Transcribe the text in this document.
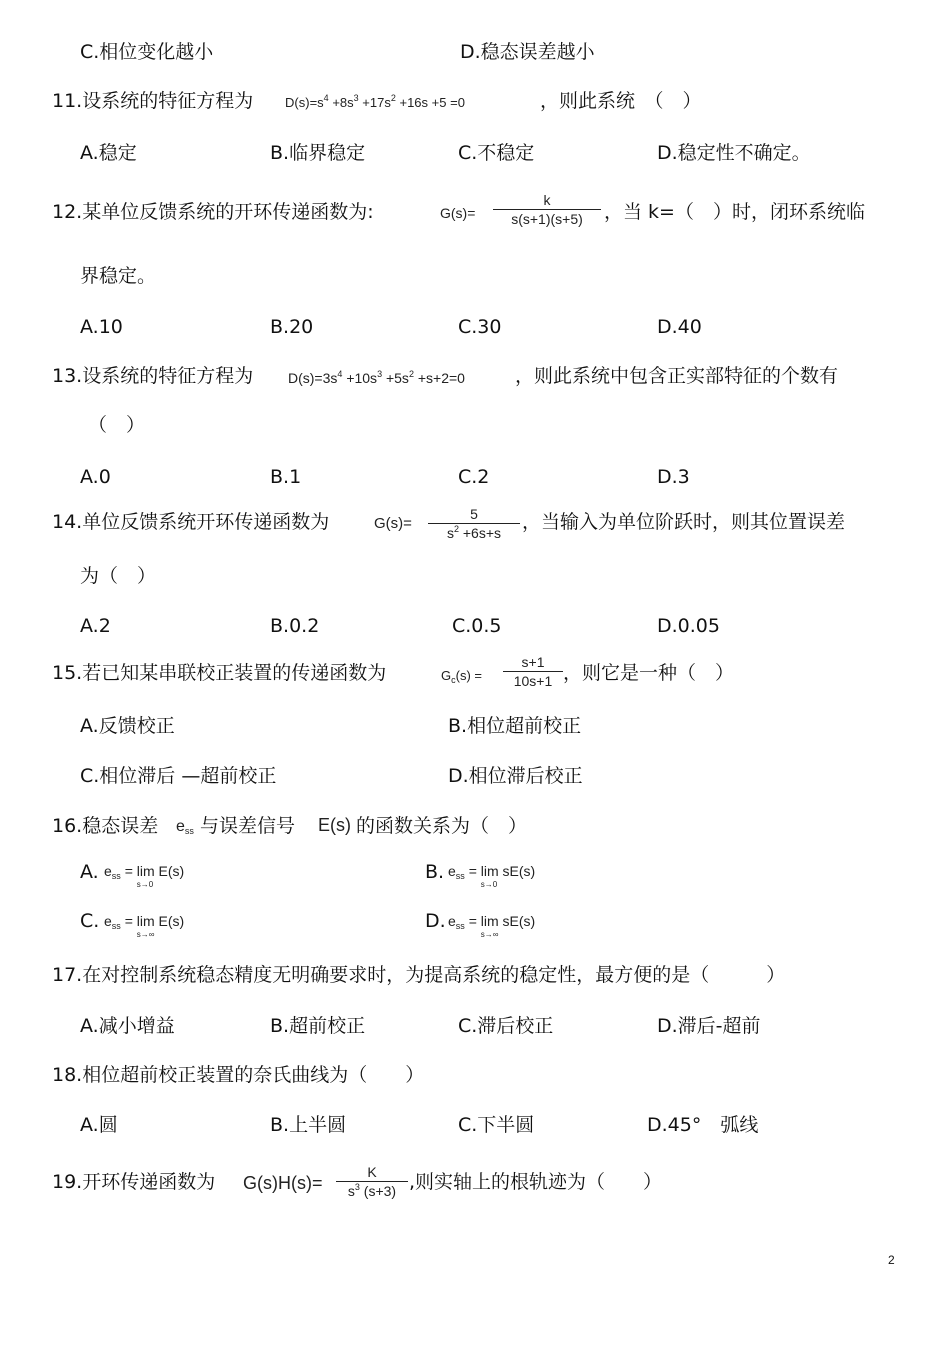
C.相位变化越小	D.稳态误差越小
11.设系统的特征方程为 $D(s)=s^4 +8s^3 +17s^2 +16s +5 =0$	，则此系统　（　）
A.稳定	B.临界稳定	C.不稳定	D.稳定性不确定。
12.某单位反馈系统的开环传递函数为:	G(s)=
k
s(s+1)(s+5)	，当 k=（　）时，闭环系统临
界稳定。
A.10	B.20	C.30	D.40
13.设系统的特征方程为 $D(s)=3s^4 +10s^3 +5s^2 +s+2=0$	，则此系统中包含正实部特征的个数有
（　）
A.0	B.1	C.2	D.3
14.单位反馈系统开环传递函数为	G(s)=
5
$s^2 +6s+s$	，当输入为单位阶跃时，则其位置误差
为（　）
A.2	B.0.2	C.0.5	D.0.05
15.若已知某串联校正装置的传递函数为	$G_c(s)$ =
s+1
10s+1 ，则它是一种（　）
A.反馈校正	B.相位超前校正
C.相位滞后 —超前校正	D.相位滞后校正
16.稳态误差 $e_{ss}$ 与误差信号 E(s) 的函数关系为（　）
A. $e_{ss} = \lim$
s→0
E(s)	B. $e_{ss} = \lim$
s→0
sE(s)
C. $e_{ss} = \lim$
s→∞
E(s)	D. $e_{ss} = \lim$
s→∞
sE(s)
17.在对控制系统稳态精度无明确要求时，为提高系统的稳定性，最方便的是（　　　）
A.减小增益	B.超前校正	C.滞后校正	D.滞后-超前
18.相位超前校正装置的奈氏曲线为（　　）
A.圆	B.上半圆	C.下半圆	D.45°　弧线
19.开环传递函数为 G(s)H(s)=
K
$s^3$ (s+3) ,则实轴上的根轨迹为（　　）
2
